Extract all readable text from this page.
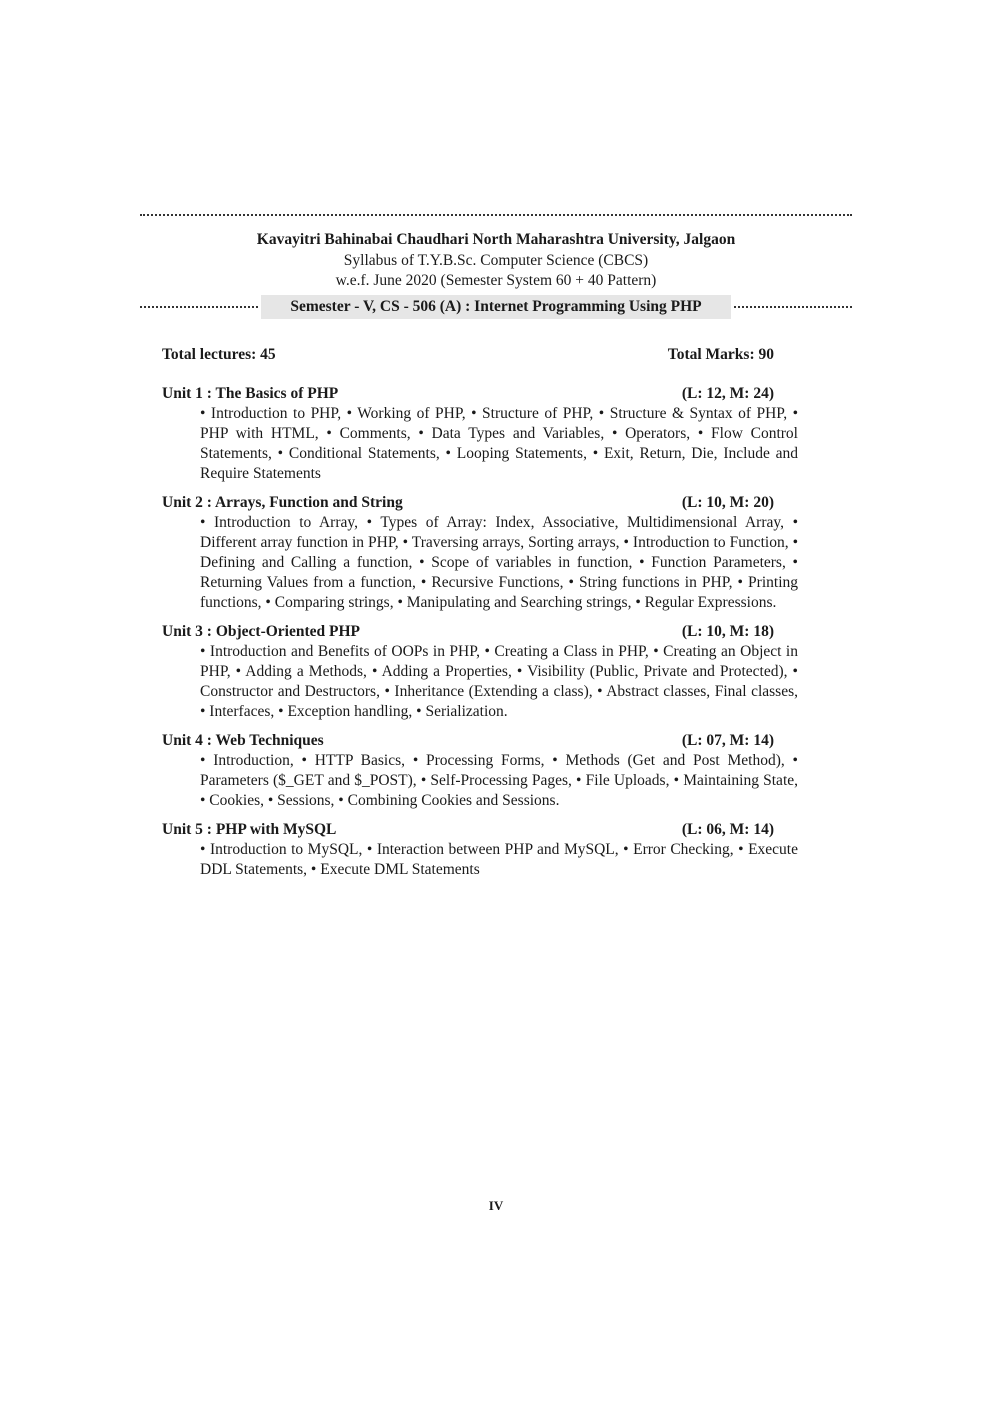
Kavayitri Bahinabai Chaudhari North Maharashtra University, Jalgaon

Syllabus of T.Y.B.Sc. Computer Science (CBCS)

w.e.f. June 2020 (Semester System 60 + 40 Pattern)

Semester - V, CS - 506 (A) : Internet Programming Using PHP
Total lectures: 45	Total Marks: 90
Unit 1 : The Basics of PHP	(L: 12, M: 24)
• Introduction to PHP, • Working of PHP, • Structure of PHP, • Structure & Syntax of PHP, • PHP with HTML, • Comments, • Data Types and Variables, • Operators, • Flow Control Statements, • Conditional Statements, • Looping Statements, • Exit, Return, Die, Include and Require Statements
Unit 2 : Arrays, Function and String	(L: 10, M: 20)
• Introduction to Array, • Types of Array: Index, Associative, Multidimensional Array, • Different array function in PHP, • Traversing arrays, Sorting arrays, • Introduction to Function, • Defining and Calling a function, • Scope of variables in function, • Function Parameters, • Returning Values from a function, • Recursive Functions, • String functions in PHP, • Printing functions, • Comparing strings, • Manipulating and Searching strings, • Regular Expressions.
Unit 3 : Object-Oriented PHP	(L: 10, M: 18)
• Introduction and Benefits of OOPs in PHP, • Creating a Class in PHP, • Creating an Object in PHP, • Adding a Methods, • Adding a Properties, • Visibility (Public, Private and Protected), • Constructor and Destructors, • Inheritance (Extending a class), • Abstract classes, Final classes, • Interfaces, • Exception handling, • Serialization.
Unit 4 : Web Techniques	(L: 07, M: 14)
• Introduction, • HTTP Basics, • Processing Forms, • Methods (Get and Post Method), • Parameters ($_GET and $_POST), • Self-Processing Pages, • File Uploads, • Maintaining State, • Cookies, • Sessions, • Combining Cookies and Sessions.
Unit 5 : PHP with MySQL	(L: 06, M: 14)
• Introduction to MySQL, • Interaction between PHP and MySQL, • Error Checking, • Execute DDL Statements, • Execute DML Statements
IV
